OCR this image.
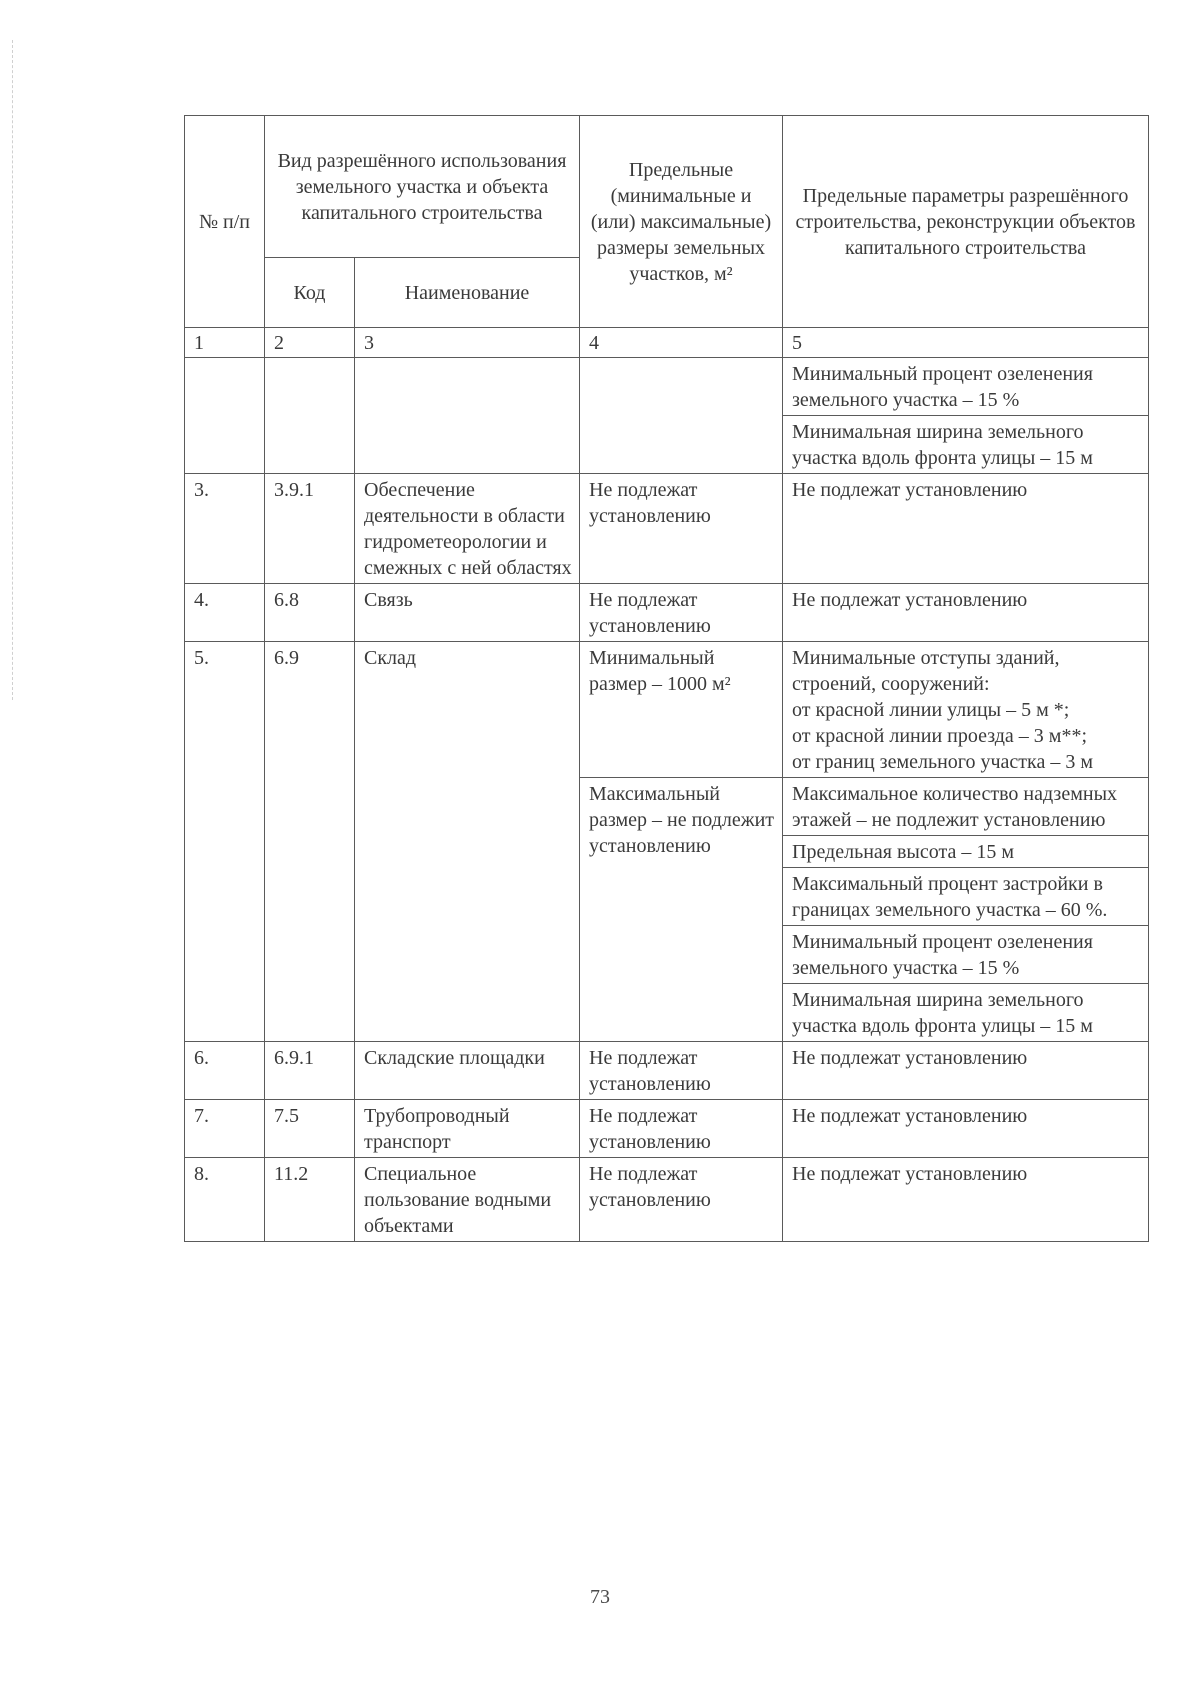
№ п/п	Вид разрешённого использования земельного участка и объекта капитального строительства		Предельные (минимальные и (или) максимальные) размеры земельных участков, м²	Предельные параметры разрешённого строительства, реконструкции объектов капитального строительства
	Код	Наименование		
1	2	3	4	5
				Минимальный процент озеленения земельного участка – 15 %
				Минимальная ширина земельного участка вдоль фронта улицы – 15 м
3.	3.9.1	Обеспечение деятельности в области гидрометеорологии и смежных с ней областях	Не подлежат установлению	Не подлежат установлению
4.	6.8	Связь	Не подлежат установлению	Не подлежат установлению
5.	6.9	Склад	Минимальный размер – 1000 м²	Минимальные отступы зданий, строений, сооружений:
от красной линии улицы – 5 м *;
от красной линии проезда – 3 м**;
от границ земельного участка – 3 м

			Максимальный размер – не подлежит установлению	Максимальное количество надземных этажей – не подлежит установлению
				Предельная высота – 15 м
				Максимальный процент застройки в границах земельного участка – 60 %.
				Минимальный процент озеленения земельного участка – 15 %
				Минимальная ширина земельного участка вдоль фронта улицы – 15 м
6.	6.9.1	Складские площадки	Не подлежат установлению	Не подлежат установлению
7.	7.5	Трубопроводный транспорт	Не подлежат установлению	Не подлежат установлению
8.	11.2	Специальное пользование водными объектами	Не подлежат установлению	Не подлежат установлению
73
